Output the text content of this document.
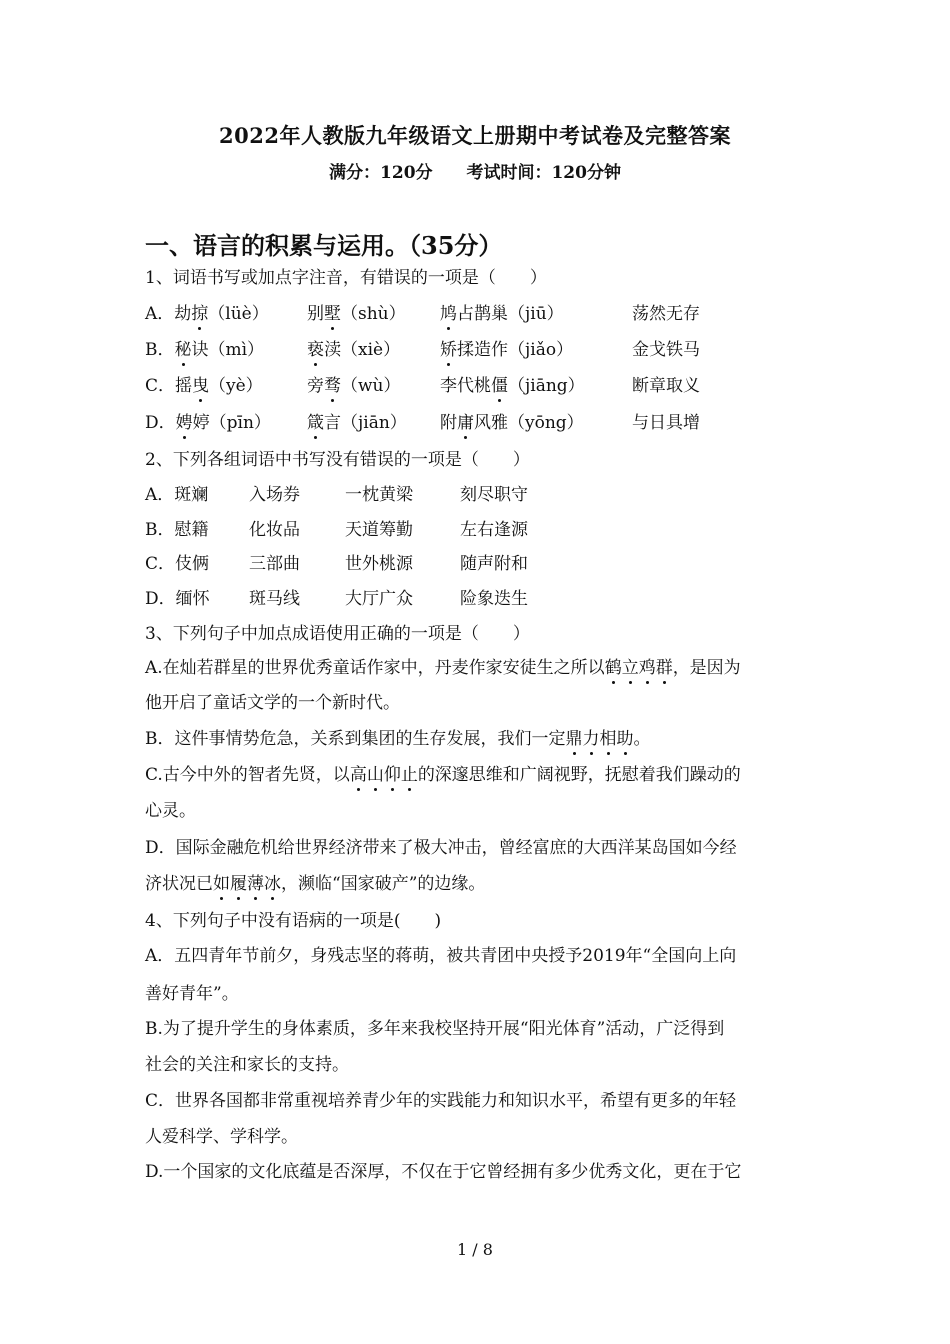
2022年人教版九年级语文上册期中考试卷及完整答案
满分：120分 考试时间：120分钟
一、语言的积累与运用。（35分）
1、词语书写或加点字注音，有错误的一项是（　　）
A．劫掠（lüè） 别墅（shù） 鸠占鹊巢（jiū）	荡然无存
B．秘诀（mì）	亵渎（xiè） 矫揉造作（jiǎo）	金戈铁马
C．摇曳（yè）	旁骛（wù） 李代桃僵（jiāng）	断章取义
D．娉婷（pīn） 箴言（jiān） 附庸风雅（yōng）	与日具增
2、下列各组词语中书写没有错误的一项是（　　）
A．斑斓 入场券	一枕黄梁	刻尽职守
B．慰籍 化妆品	天道筹勤	左右逢源
C．伎俩 三部曲	世外桃源	随声附和
D．缅怀 斑马线	大厅广众	险象迭生
3、下列句子中加点成语使用正确的一项是（　　）
A.在灿若群星的世界优秀童话作家中，丹麦作家安徒生之所以鹤立鸡群，是因为
他开启了童话文学的一个新时代。
B．这件事情势危急，关系到集团的生存发展，我们一定鼎力相助。
C.古今中外的智者先贤，以高山仰止的深邃思维和广阔视野，抚慰着我们躁动的
心灵。
D．国际金融危机给世界经济带来了极大冲击，曾经富庶的大西洋某岛国如今经
济状况已如履薄冰，濒临“国家破产”的边缘。
4、下列句子中没有语病的一项是(　　)
A．五四青年节前夕，身残志坚的蒋萌，被共青团中央授予2019年“全国向上向
善好青年”。
B.为了提升学生的身体素质，多年来我校坚持开展“阳光体育”活动，广泛得到
社会的关注和家长的支持。
C．世界各国都非常重视培养青少年的实践能力和知识水平，希望有更多的年轻
人爱科学、学科学。
D.一个国家的文化底蕴是否深厚，不仅在于它曾经拥有多少优秀文化，更在于它
1 / 8
